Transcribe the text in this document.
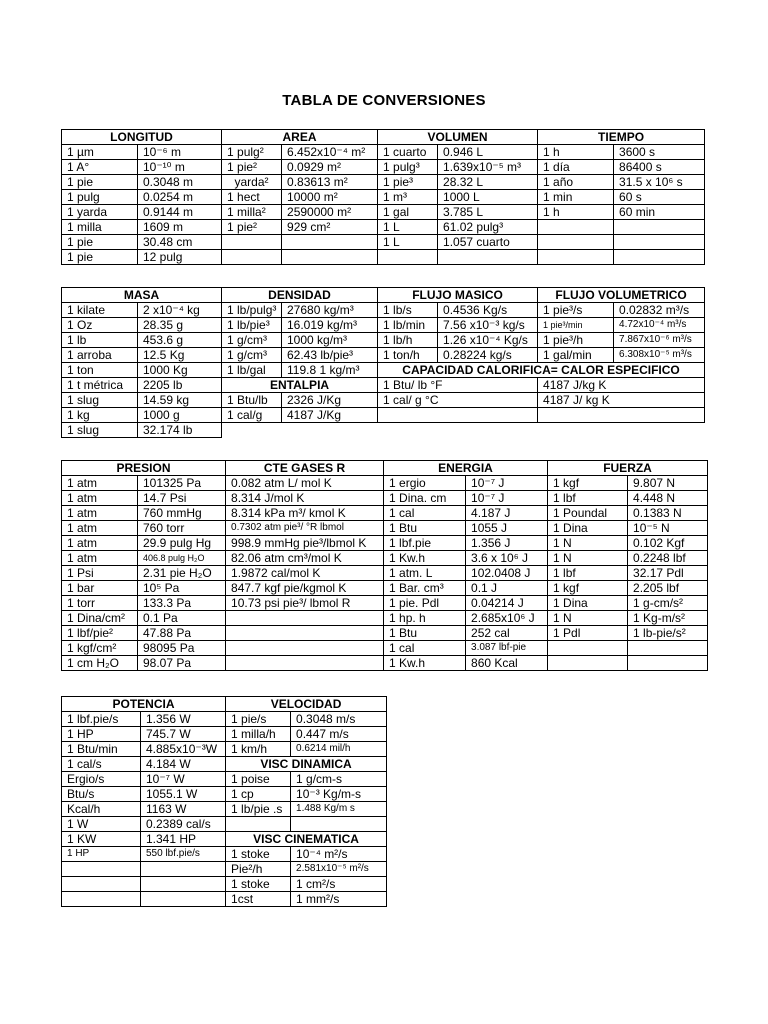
TABLA DE CONVERSIONES
LONGITUD		AREA		VOLUMEN		TIEMPO	
1 µm	10⁻⁶ m	1 pulg²	6.452x10⁻⁴ m²	1 cuarto	0.946 L	1 h	3600 s
1 A°	10⁻¹⁰ m	1 pie²	0.0929 m²	1 pulg³	1.639x10⁻⁵ m³	1 día	86400 s
1 pie	0.3048 m	yarda²	0.83613 m²	1 pie³	28.32 L	1 año	31.5 x 10⁶ s
1 pulg	0.0254 m	1 hect	10000 m²	1 m³	1000 L	1 min	60 s
1 yarda	0.9144 m	1 milla²	2590000 m²	1 gal	3.785 L	1 h	60 min
1 milla	1609 m	1 pie²	929 cm²	1 L	61.02 pulg³		
1 pie	30.48 cm			1 L	1.057 cuarto		
1 pie	12 pulg						
MASA		DENSIDAD		FLUJO MASICO		FLUJO VOLUMETRICO	
1 kilate	2 x10⁻⁴ kg	1 lb/pulg³	27680 kg/m³	1 lb/s	0.4536 Kg/s	1 pie³/s	0.02832 m³/s
1 Oz	28.35 g	1 lb/pie³	16.019 kg/m³	1 lb/min	7.56 x10⁻³ kg/s	1 pie³/min	4.72x10⁻⁴ m³/s
1 lb	453.6 g	1 g/cm³	1000 kg/m³	1 lb/h	1.26 x10⁻⁴ Kg/s	1 pie³/h	7.867x10⁻⁶ m³/s
1 arroba	12.5 Kg	1 g/cm³	62.43 lb/pie³	1 ton/h	0.28224 kg/s	1 gal/min	6.308x10⁻⁵ m³/s
1 ton	1000 Kg	1 lb/gal	119.8 1 kg/m³	CAPACIDAD CALORIFICA= CALOR ESPECIFICO			
1 t métrica	2205 lb	ENTALPIA		1 Btu/ lb °F		4187 J/kg K	
1 slug	14.59 kg	1 Btu/lb	2326 J/Kg	1 cal/ g °C		4187 J/ kg K	
1 kg	1000 g	1 cal/g	4187 J/Kg				
1 slug	32.174 lb						
PRESION		CTE GASES R	ENERGIA		FUERZA	
1 atm	101325 Pa	0.082 atm L/ mol K	1 ergio	10⁻⁷ J	1 kgf	9.807 N
1 atm	14.7 Psi	8.314 J/mol K	1 Dina. cm	10⁻⁷ J	1 lbf	4.448 N
1 atm	760 mmHg	8.314 kPa m³/ kmol K	1 cal	4.187 J	1 Poundal	0.1383 N
1 atm	760 torr	0.7302 atm pie³/ °R lbmol	1 Btu	1055 J	1 Dina	10⁻⁵ N
1 atm	29.9 pulg Hg	998.9 mmHg pie³/lbmol K	1 lbf.pie	1.356 J	1 N	0.102 Kgf
1 atm	406.8 pulg H₂O	82.06 atm cm³/mol K	1 Kw.h	3.6 x 10⁶ J	1 N	0.2248 lbf
1 Psi	2.31 pie H₂O	1.9872 cal/mol K	1 atm. L	102.0408 J	1 lbf	32.17 Pdl
1 bar	10⁵ Pa	847.7 kgf pie/kgmol K	1 Bar. cm³	0.1 J	1 kgf	2.205 lbf
1 torr	133.3 Pa	10.73 psi pie³/ lbmol R	1 pie. Pdl	0.04214 J	1 Dina	1 g-cm/s²
1 Dina/cm²	0.1 Pa		1 hp. h	2.685x10⁶ J	1 N	1 Kg-m/s²
1 lbf/pie²	47.88 Pa		1 Btu	252 cal	1 Pdl	1 lb-pie/s²
1 kgf/cm²	98095 Pa		1 cal	3.087 lbf-pie		
1 cm H₂O	98.07 Pa		1 Kw.h	860 Kcal		
POTENCIA		VELOCIDAD	
1 lbf.pie/s	1.356 W	1 pie/s	0.3048 m/s
1 HP	745.7 W	1 milla/h	0.447 m/s
1 Btu/min	4.885x10⁻³W	1 km/h	0.6214 mil/h
1 cal/s	4.184 W	VISC DINAMICA	
Ergio/s	10⁻⁷ W	1 poise	1 g/cm-s
Btu/s	1055.1 W	1 cp	10⁻³ Kg/m-s
Kcal/h	1163 W	1 lb/pie .s	1.488 Kg/m s
1 W	0.2389 cal/s		
1 KW	1.341 HP	VISC CINEMATICA	
1 HP	550 lbf.pie/s	1 stoke	10⁻⁴ m²/s
		Pie²/h	2.581x10⁻⁵ m²/s
		1 stoke	1 cm²/s
		1cst	1 mm²/s
